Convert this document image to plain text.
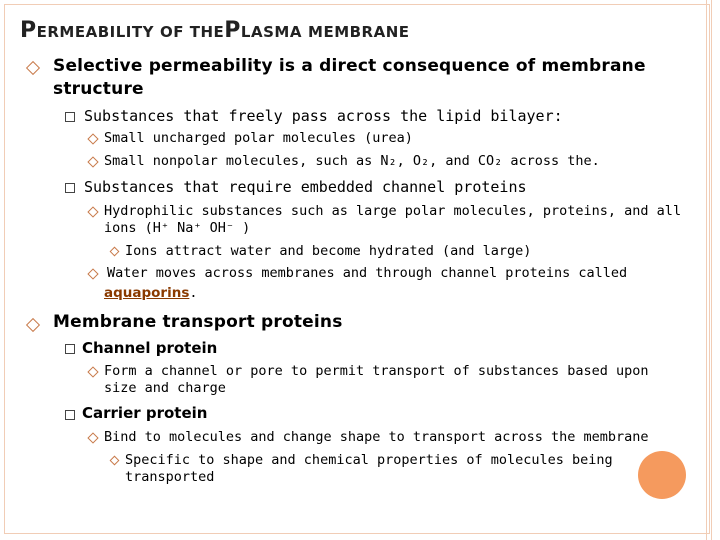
PERMEABILITY OF THEPLASMA MEMBRANE
Selective permeability is a direct consequence of membrane
structure
Substances that freely pass across the lipid bilayer:
Small uncharged polar molecules (urea)
Small nonpolar molecules, such as N₂, O₂, and CO₂ across the.
Substances that require embedded channel proteins
Hydrophilic substances such as large polar molecules, proteins, and all
ions (H⁺ Na⁺ OH⁻ )
Ions attract water and become hydrated (and large)
Water moves across membranes and through channel proteins called
aquaporins.
Membrane transport proteins
Channel protein
Form a channel or pore to permit transport of substances based upon
size and charge
Carrier protein
Bind to molecules and change shape to transport across the membrane
Specific to shape and chemical properties of molecules being
transported
